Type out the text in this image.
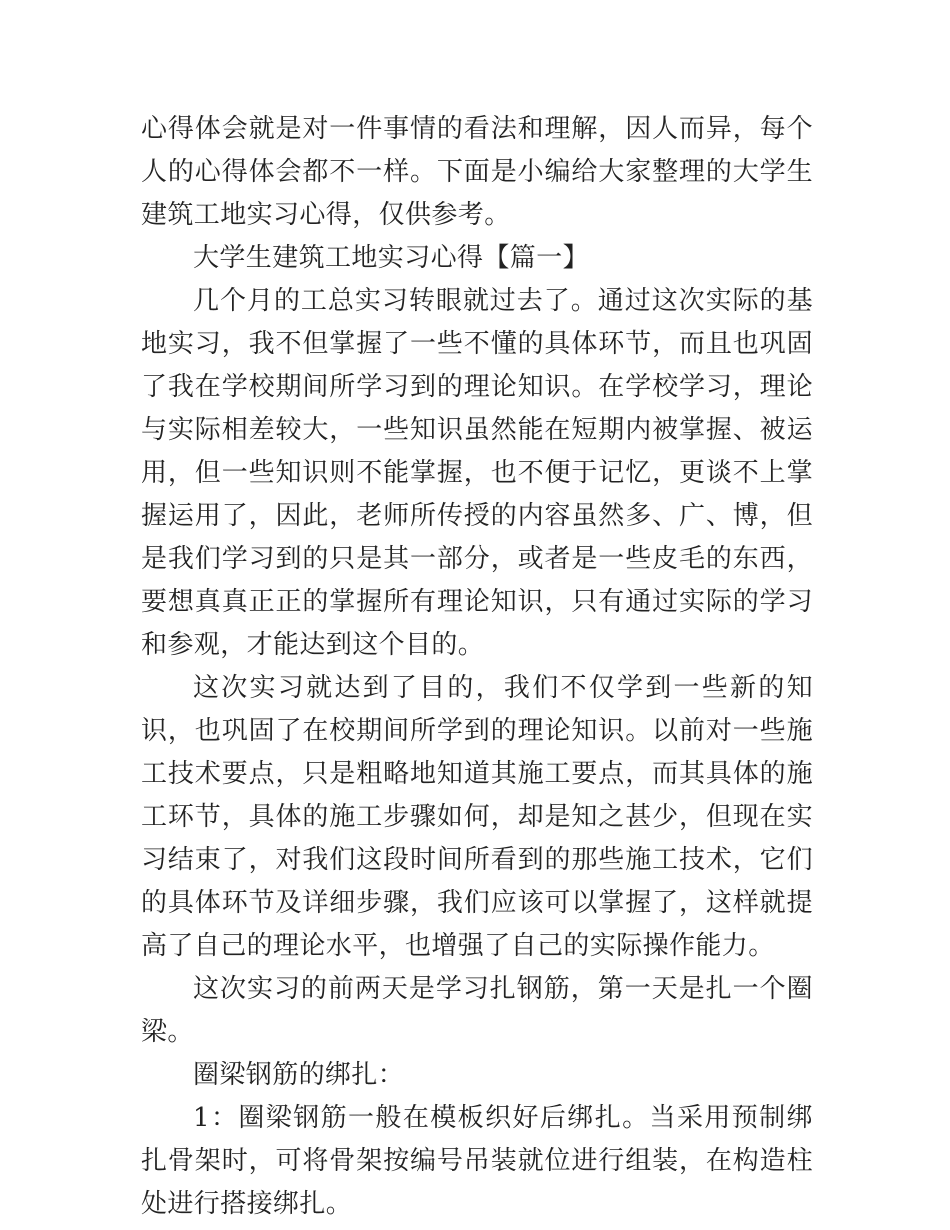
心得体会就是对一件事情的看法和理解，因人而异，每个人的心得体会都不一样。下面是小编给大家整理的大学生建筑工地实习心得，仅供参考。

大学生建筑工地实习心得【篇一】

几个月的工总实习转眼就过去了。通过这次实际的基地实习，我不但掌握了一些不懂的具体环节，而且也巩固了我在学校期间所学习到的理论知识。在学校学习，理论与实际相差较大，一些知识虽然能在短期内被掌握、被运用，但一些知识则不能掌握，也不便于记忆，更谈不上掌握运用了，因此，老师所传授的内容虽然多、广、博，但是我们学习到的只是其一部分，或者是一些皮毛的东西，要想真真正正的掌握所有理论知识，只有通过实际的学习和参观，才能达到这个目的。

这次实习就达到了目的，我们不仅学到一些新的知识，也巩固了在校期间所学到的理论知识。以前对一些施工技术要点，只是粗略地知道其施工要点，而其具体的施工环节，具体的施工步骤如何，却是知之甚少，但现在实习结束了，对我们这段时间所看到的那些施工技术，它们的具体环节及详细步骤，我们应该可以掌握了，这样就提高了自己的理论水平，也增强了自己的实际操作能力。

这次实习的前两天是学习扎钢筋，第一天是扎一个圈梁。

圈梁钢筋的绑扎：

1：圈梁钢筋一般在模板织好后绑扎。当采用预制绑扎骨架时，可将骨架按编号吊装就位进行组装，在构造柱处进行搭接绑扎。
